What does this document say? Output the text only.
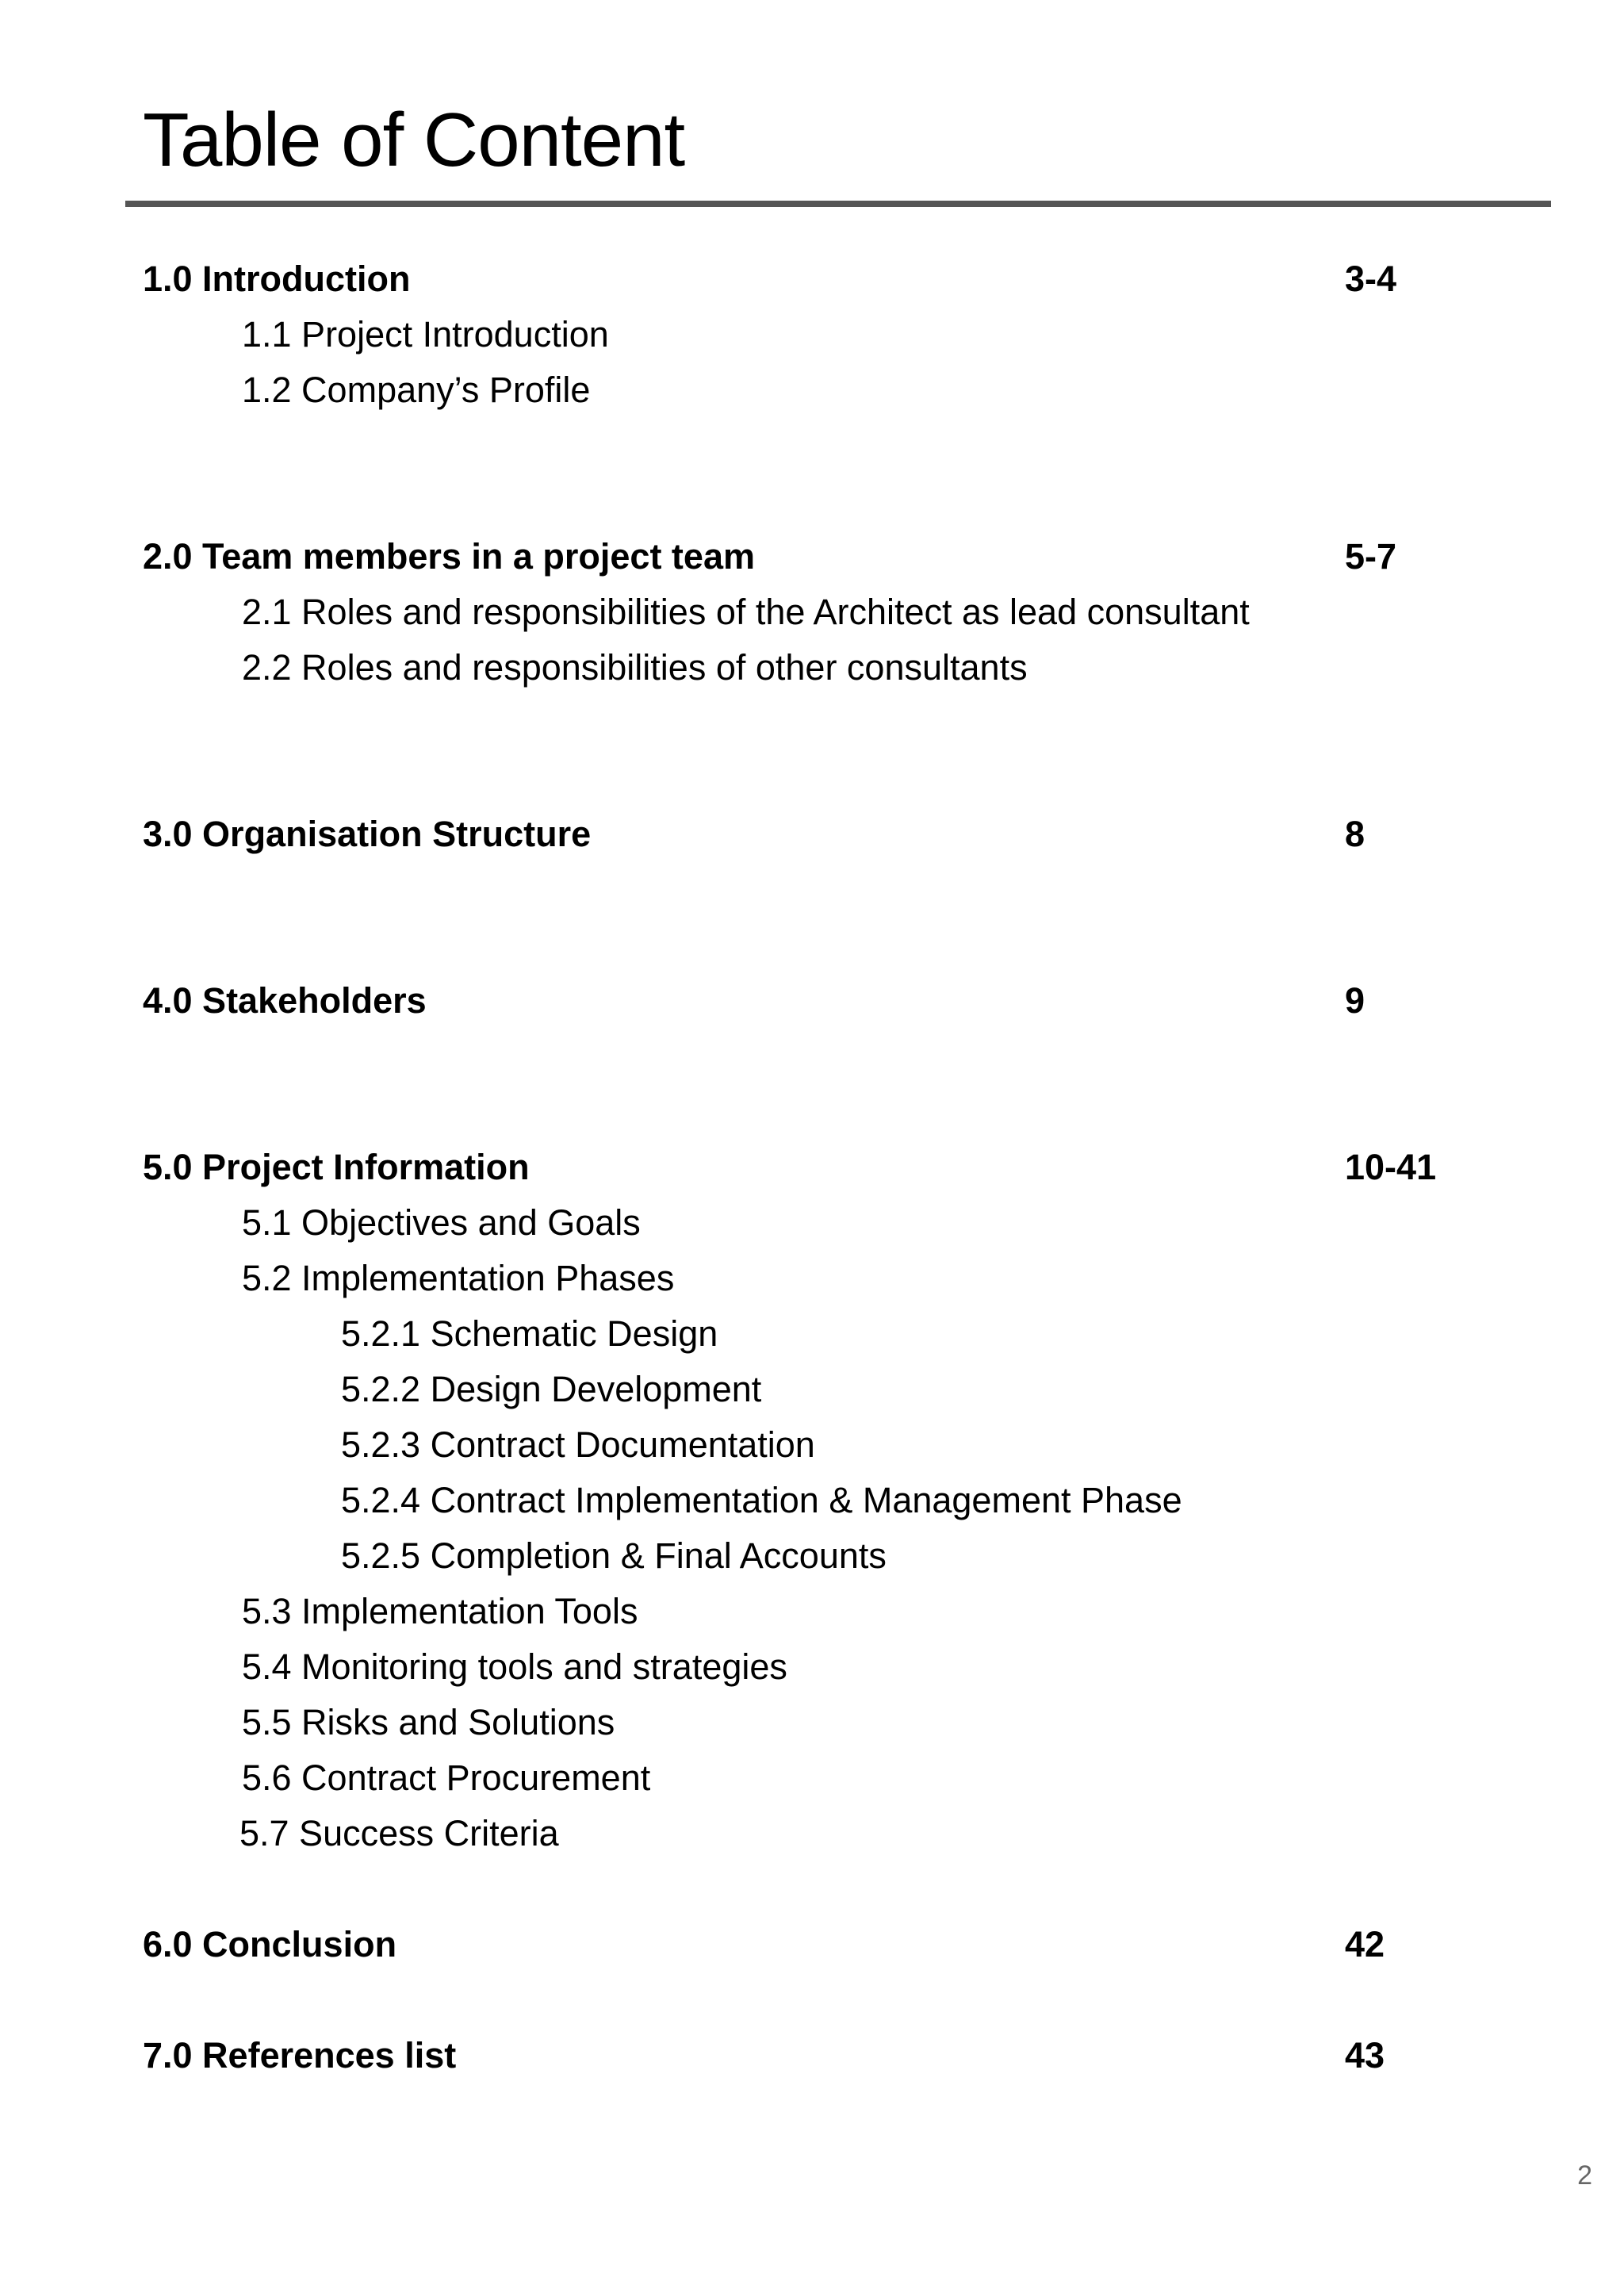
Table of Content
1.0 Introduction	3-4
1.1 Project Introduction
1.2 Company’s Profile
2.0 Team members in a project team	5-7
2.1 Roles and responsibilities of the Architect as lead consultant
2.2 Roles and responsibilities of other consultants
3.0 Organisation Structure	8
4.0 Stakeholders	9
5.0 Project Information	10-41
5.1 Objectives and Goals
5.2 Implementation Phases
5.2.1 Schematic Design
5.2.2 Design Development
5.2.3 Contract Documentation
5.2.4 Contract Implementation & Management Phase
5.2.5 Completion & Final Accounts
5.3 Implementation Tools
5.4 Monitoring tools and strategies
5.5 Risks and Solutions
5.6 Contract Procurement
5.7 Success Criteria
6.0 Conclusion	42
7.0 References list	43
2
